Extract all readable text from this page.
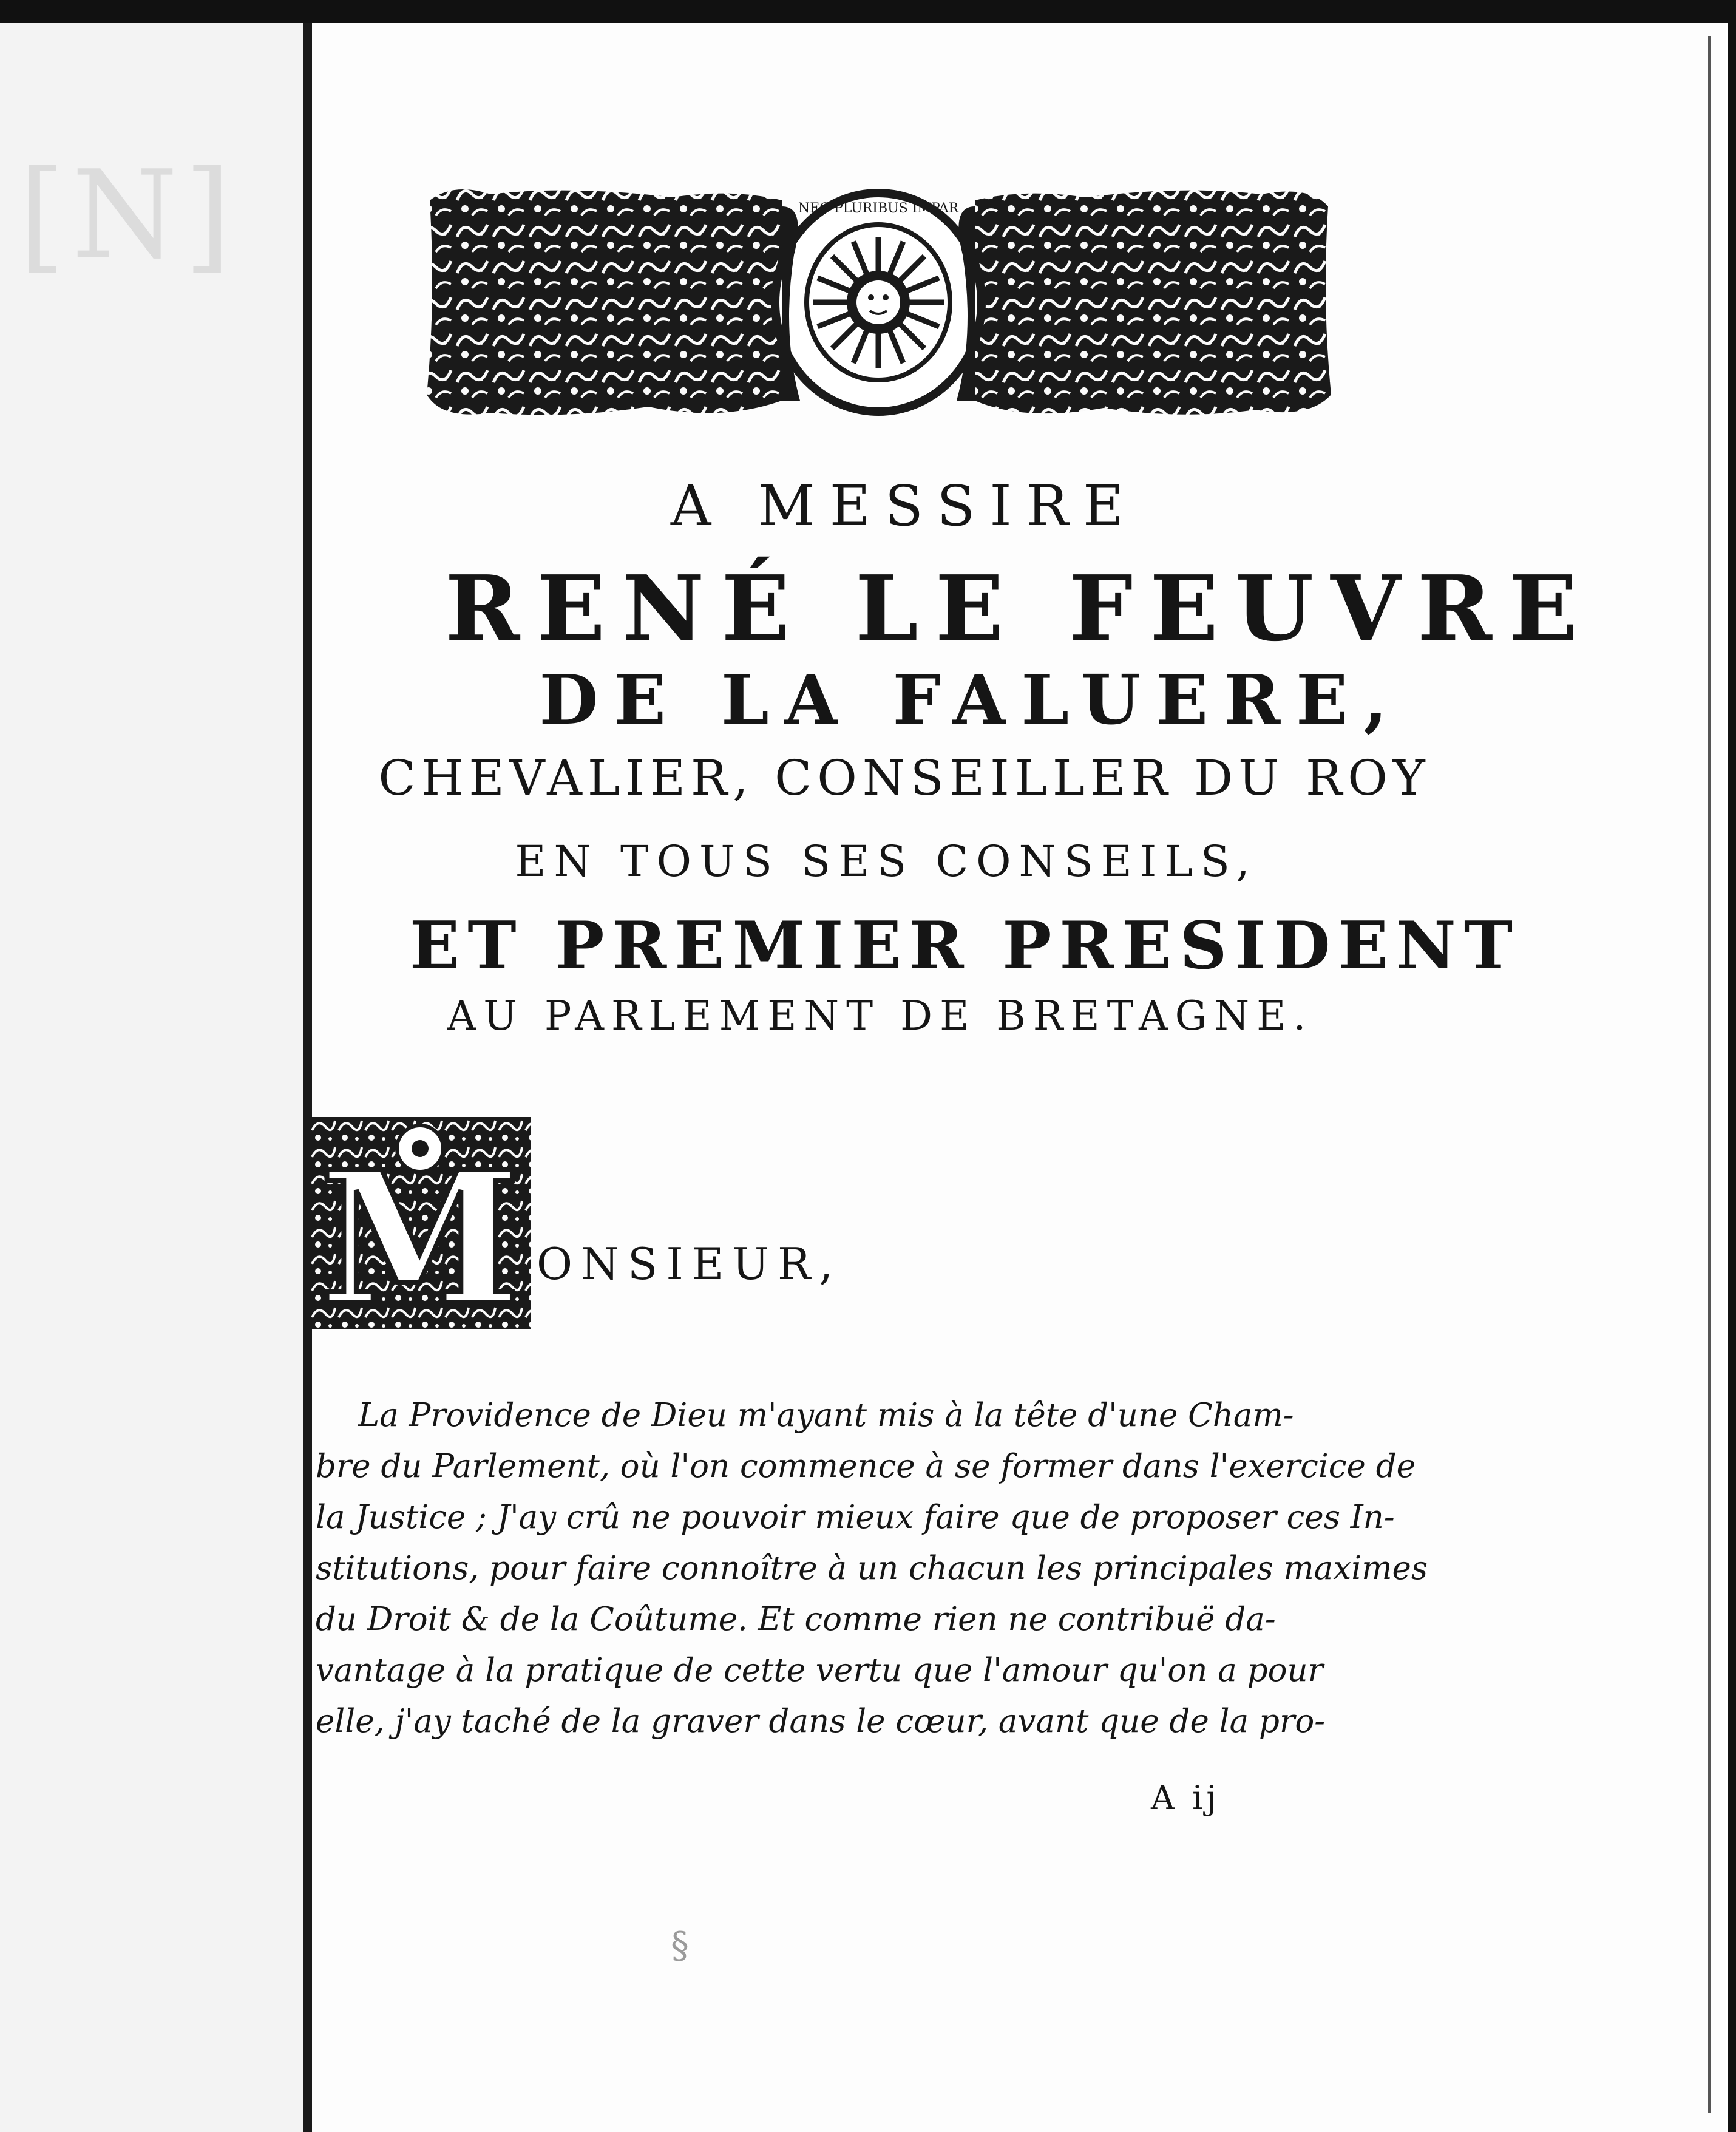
[N]	NEC PLURIBUS IMPAR
A MESSIRE
RENÉ LE FEUVRE
DE LA FALUERE,
CHEVALIER, CONSEILLER DU ROY
EN TOUS SES CONSEILS,
ET PREMIER PRESIDENT
AU PARLEMENT DE BRETAGNE.
M ONSIEUR,
La Providence de Dieu m'ayant mis à la tête d'une Cham-
bre du Parlement, où l'on commence à se former dans l'exercice de
la Justice ; J'ay crû ne pouvoir mieux faire que de proposer ces In-
stitutions, pour faire connoître à un chacun les principales maximes
du Droit & de la Coûtume. Et comme rien ne contribuë da-
vantage à la pratique de cette vertu que l'amour qu'on a pour
elle, j'ay taché de la graver dans le cœur, avant que de la pro-
A ij
§
